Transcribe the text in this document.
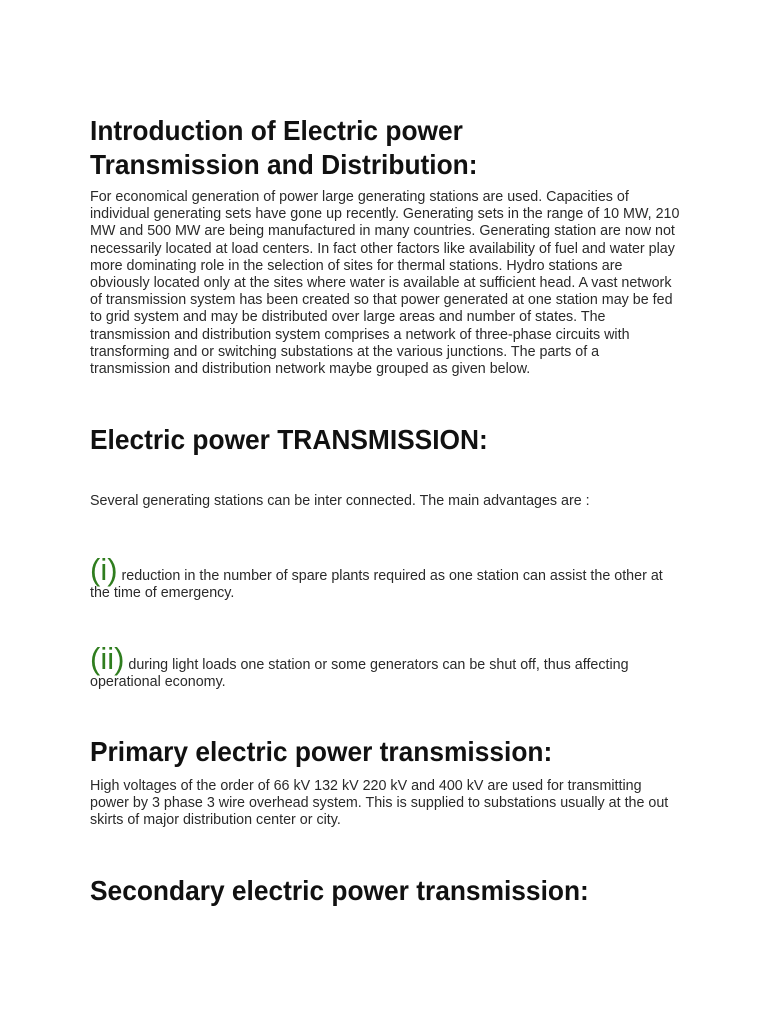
Introduction of Electric power
Transmission and Distribution:

For economical generation of power large generating stations are used. Capacities of individual generating sets have gone up recently. Generating sets in the range of 10 MW, 210 MW and 500 MW are being manufactured in many countries. Generating station are now not necessarily located at load centers. In fact other factors like availability of fuel and water play more dominating role in the selection of sites for thermal stations. Hydro stations are obviously located only at the sites where water is available at sufficient head. A vast network of transmission system has been created so that power generated at one station may be fed to grid system and may be distributed over large areas and number of states. The transmission and distribution system comprises a network of three-phase circuits with transforming and or switching substations at the various junctions. The parts of a transmission and distribution network maybe grouped as given below.

Electric power TRANSMISSION:

Several generating stations can be inter connected. The main advantages are :

(i) reduction in the number of spare plants required as one station can assist the other at the time of emergency.

(ii) during light loads one station or some generators can be shut off, thus affecting operational economy.

Primary electric power transmission:

High voltages of the order of 66 kV 132 kV 220 kV and 400 kV are used for transmitting power by 3 phase 3 wire overhead system. This is supplied to substations usually at the out skirts of major distribution center or city.

Secondary electric power transmission:
